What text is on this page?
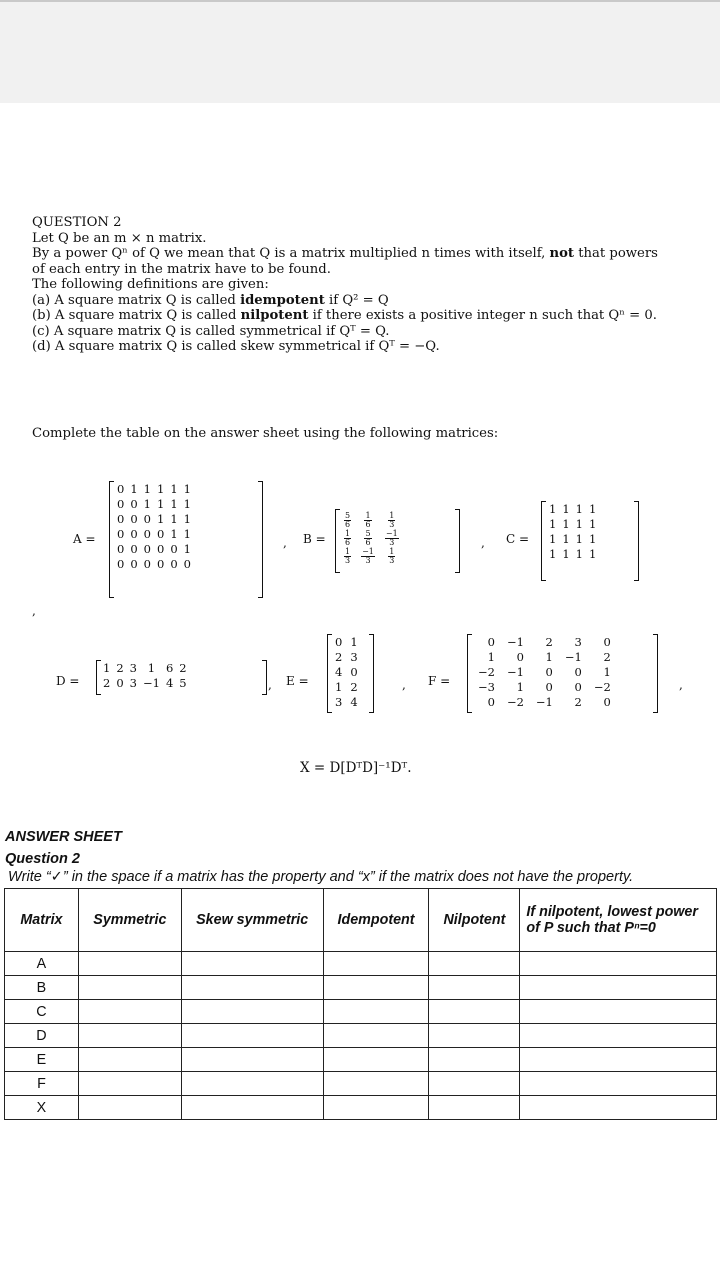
QUESTION 2

Let Q be an m × n matrix.

By a power Qⁿ of Q we mean that Q is a matrix multiplied n times with itself, not that powers

of each entry in the matrix have to be found.

The following definitions are given:

(a) A square matrix Q is called idempotent if Q² = Q

(b) A square matrix Q is called nilpotent if there exists a positive integer n such that Qⁿ = 0.

(c) A square matrix Q is called symmetrical if Qᵀ = Q.

(d) A square matrix Q is called skew symmetrical if Qᵀ = −Q.

Complete the table on the answer sheet using the following matrices:
A =
0	1	1	1	1	1
0	0	1	1	1	1
0	0	0	1	1	1
0	0	0	0	1	1
0	0	0	0	0	1
0	0	0	0	0	0
, B =
$\frac{5}{6}$	$\frac{1}{6}$	$\frac{1}{3}$

$\frac{1}{6}$	$\frac{5}{6}$	$\frac{-1}{3}$

$\frac{1}{3}$	$\frac{-1}{3}$	$\frac{1}{3}$
, C =
1	1	1	1
1	1	1	1
1	1	1	1
1	1	1	1
,
D =
1	2	3	1	6	2
2	0	3	−1	4	5	, E =
0	1
2	3
4	0
1	2
3	4
, F =
0	−1	2	3	0
1	0	1	−1	2
−2	−1	0	0	1
−3	1	0	0	−2
0	−2	−1	2	0
,
X = D[DᵀD]⁻¹Dᵀ.
ANSWER SHEET
Question 2
Write “✓” in the space if a matrix has the property and “x” if the matrix does not have the property.
Matrix	Symmetric	Skew symmetric	Idempotent	Nilpotent	If nilpotent, lowest power
of P such that Pⁿ=0
A					
B					
C					
D					
E					
F					
X					
